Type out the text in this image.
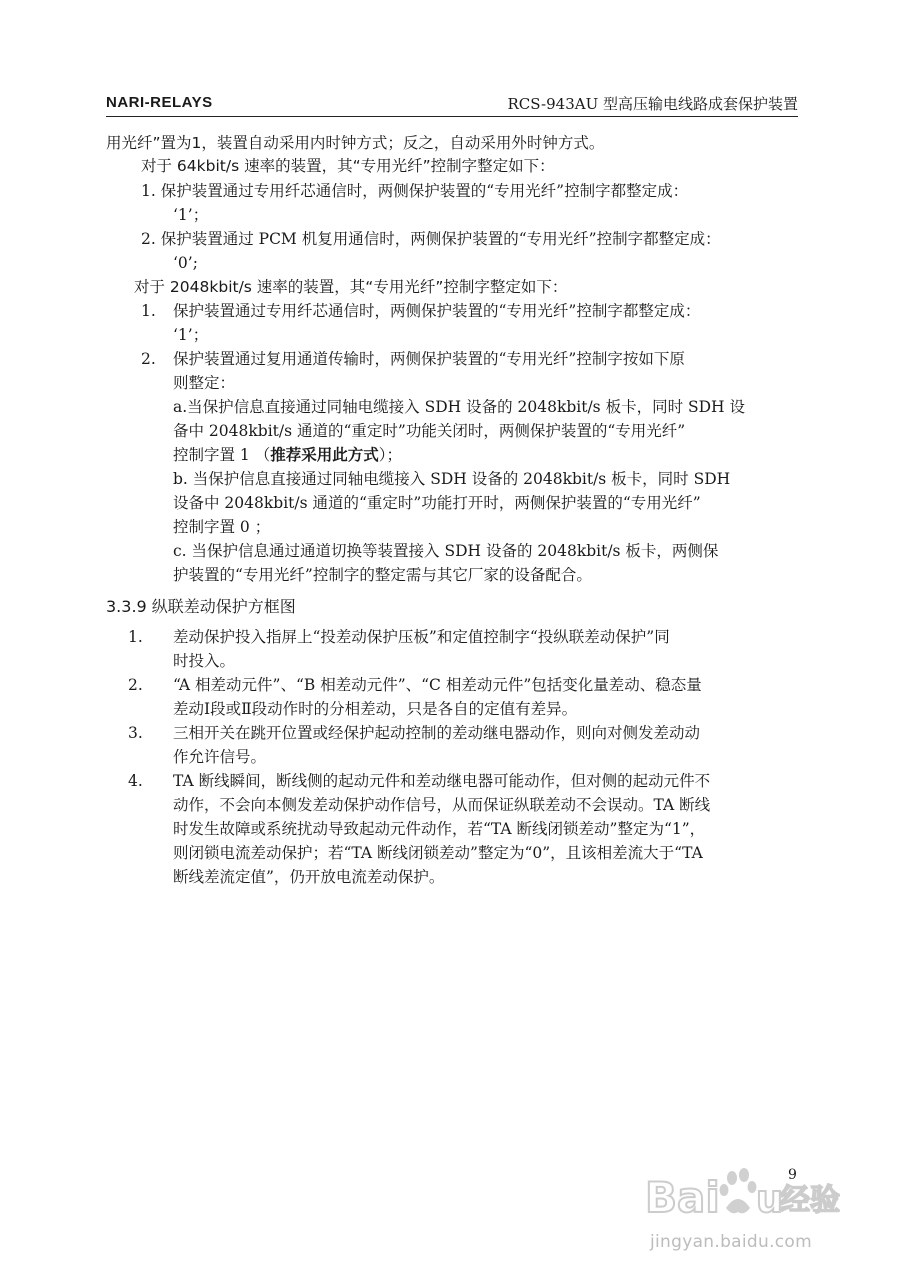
NARI-RELAYS	RCS-943AU 型高压输电线路成套保护装置
用光纤”置为1，装置自动采用内时钟方式；反之，自动采用外时钟方式。
对于 64kbit/s 速率的装置，其“专用光纤”控制字整定如下：
1. 保护装置通过专用纤芯通信时，两侧保护装置的“专用光纤”控制字都整定成：
‘1’；
2. 保护装置通过 PCM 机复用通信时，两侧保护装置的“专用光纤”控制字都整定成：
‘0’;
对于 2048kbit/s 速率的装置，其“专用光纤”控制字整定如下：
1. 保护装置通过专用纤芯通信时，两侧保护装置的“专用光纤”控制字都整定成：
‘1’；
2. 保护装置通过复用通道传输时，两侧保护装置的“专用光纤”控制字按如下原
则整定：
a.当保护信息直接通过同轴电缆接入 SDH 设备的 2048kbit/s 板卡，同时 SDH 设
备中 2048kbit/s 通道的“重定时”功能关闭时，两侧保护装置的“专用光纤”
控制字置 1 （推荐采用此方式）；
b. 当保护信息直接通过同轴电缆接入 SDH 设备的 2048kbit/s 板卡，同时 SDH
设备中 2048kbit/s 通道的“重定时”功能打开时，两侧保护装置的“专用光纤”
控制字置 0 ；
c. 当保护信息通过通道切换等装置接入 SDH 设备的 2048kbit/s 板卡，两侧保
护装置的“专用光纤”控制字的整定需与其它厂家的设备配合。
3.3.9 纵联差动保护方框图
1. 差动保护投入指屏上“投差动保护压板”和定值控制字“投纵联差动保护”同
时投入。
2. “A 相差动元件”、“B 相差动元件”、“C 相差动元件”包括变化量差动、稳态量
差动Ⅰ段或Ⅱ段动作时的分相差动，只是各自的定值有差异。
3. 三相开关在跳开位置或经保护起动控制的差动继电器动作，则向对侧发差动动
作允许信号。
4. TA 断线瞬间，断线侧的起动元件和差动继电器可能动作，但对侧的起动元件不
动作，不会向本侧发差动保护动作信号，从而保证纵联差动不会误动。TA 断线
时发生故障或系统扰动导致起动元件动作，若“TA 断线闭锁差动”整定为“1”，
则闭锁电流差动保护；若“TA 断线闭锁差动”整定为“0”，且该相差流大于“TA
断线差流定值”，仍开放电流差动保护。
9
Bai u
经验
jingyan.baidu.com
